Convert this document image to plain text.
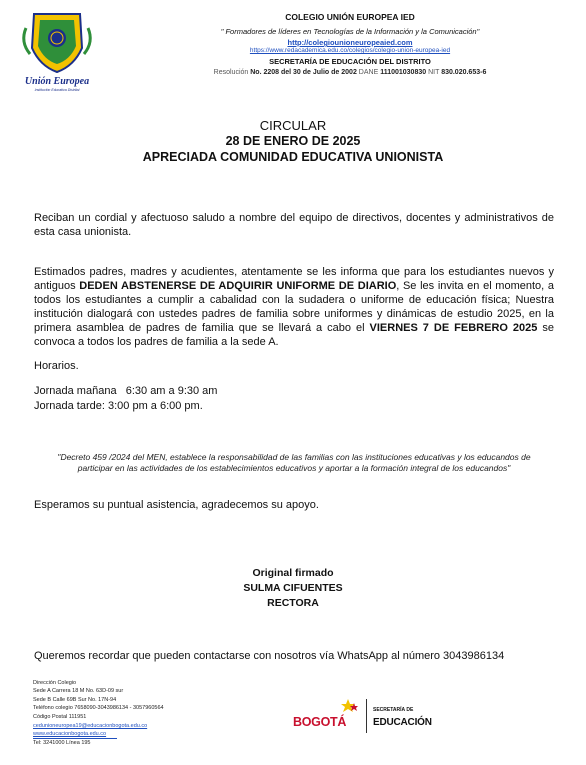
Unión Europea
Institución Educativa Distrital
COLEGIO UNIÓN EUROPEA IED
" Formadores de líderes en Tecnologías de la Información y la Comunicación"
http://colegiounioneuropeaied.com
https://www.redacademica.edu.co/colegios/colegio-union-europea-ied
SECRETARÍA DE EDUCACIÓN DEL DISTRITO
Resolución No. 2208 del 30 de Julio de 2002 DANE 111001030830 NIT 830.020.653-6
CIRCULAR
28 DE ENERO DE 2025
APRECIADA COMUNIDAD EDUCATIVA UNIONISTA

Reciban un cordial y afectuoso saludo a nombre del equipo de directivos, docentes y administrativos de esta casa unionista.

Estimados padres, madres y acudientes, atentamente se les informa que para los estudiantes nuevos y antiguos DEDEN ABSTENERSE DE ADQUIRIR UNIFORME DE DIARIO, Se les invita en el momento, a todos los estudiantes a cumplir a cabalidad con la sudadera o uniforme de educación física; Nuestra institución dialogará con ustedes padres de familia sobre uniformes y dinámicas de estudio 2025, en la primera asamblea de padres de familia que se llevará a cabo el VIERNES 7 DE FEBRERO 2025 se convoca a todos los padres de familia a la sede A.

Horarios.

Jornada mañana   6:30 am a 9:30 am

Jornada tarde: 3:00 pm a 6:00 pm.

"Decreto 459 /2024 del MEN, establece la responsabilidad de las familias con las instituciones educativas y los educandos de participar en las actividades de los establecimientos educativos y aportar a la formación integral de los educandos"

Esperamos su puntual asistencia, agradecemos su apoyo.

Original firmado
SULMA CIFUENTES
RECTORA
Queremos recordar que pueden contactarse con nosotros vía WhatsApp al número 3043986134
Dirección Colegio
Sede A Carrera 18 M No. 63D-09 sur
Sede B Calle 69B Sur No. 17N-94
Teléfono colegio 7658090-3043986134 - 3057960564
Código Postal 111951
cedunioneuropea19@educacionbogota.edu.co
www.educacionbogota.edu.co
Tel: 3241000 Línea 195
BOGOTÁ
SECRETARÍA DE
EDUCACIÓN
